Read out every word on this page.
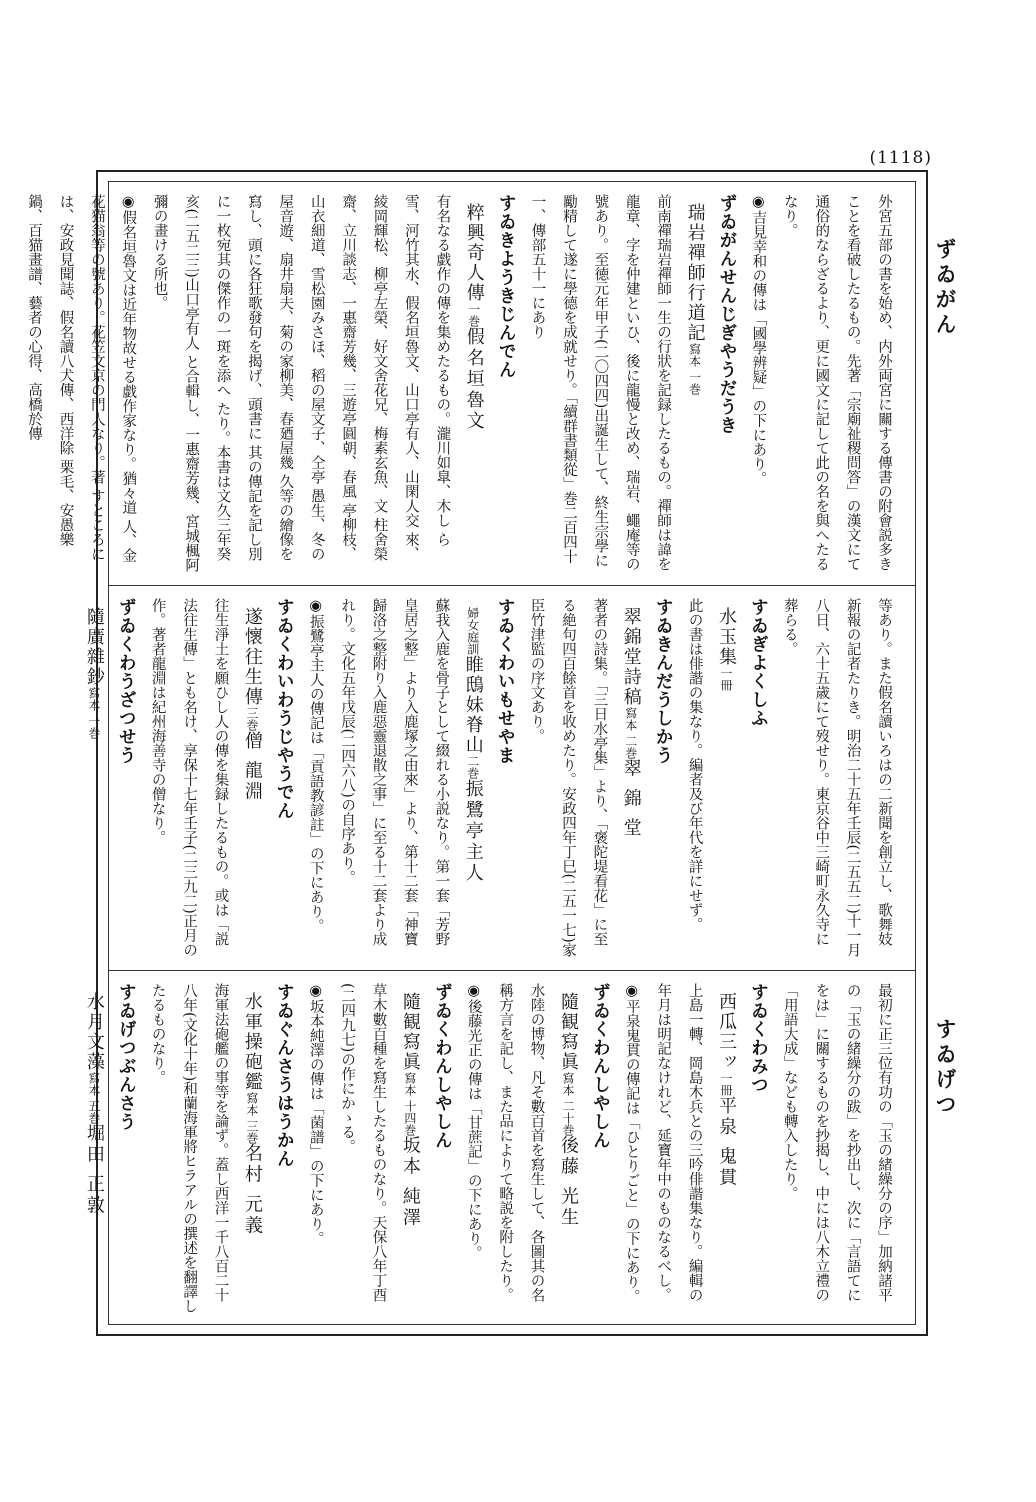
(1118)
ずゐがん
すゐげつ
外宮五部の書を始め、内外両宮に關する傳書の附會説多きことを看破したるもの。先著「宗廟祉稷問答」の漢文にて通俗的ならざるより、更に國文に記して此の名を與へたるなり。
◉吉見幸和の傳は「國學辨疑」の下にあり。
ずゐがんせんじぎやうだうき
瑞岩禪師行道記寫本 一巻
前南禪瑞岩禪師一生の行狀を記録したるもの。禪師は諱を龍章、字を仲建といひ、後に龍慢と改め、瑞岩、蠅庵等の號あり。至徳元年甲子(二〇四四)出誕生して、終生宗學に勵精して遂に學德を成就せり。「續群書類從」巻二百四十一、傳部五十一にあり
すゐきようきじんでん
粹興奇人傳一巻假名垣魯文
有名なる戯作の傳を集めたるもの。瀧川如皐、木し ら雪、河竹其水、假名垣魯文、山口亭有人、山閑人交 來、綾岡輝松、柳亭左榮、好文舍花兄、梅素玄魚、文 柱舍榮齋、立川談志、一惠齋芳幾、三遊亭圓朝、春風 亭柳枝、山衣細道、雪松園みさほ、稻の屋文子、仝亭 愚生、冬の屋音遊、扇井扇夫、菊の家柳美、春廼屋幾 久等の繪像を寫し、頭に各狂歌發句を揭げ、頭書に 其の傳記を記し別に一枚宛其の傑作の一斑を添へ たり。本書は文久三年癸亥(二五二三)山口亭有人 と合輯し、一惠齋芳幾、宮城楓阿彌の畫ける所也。
◉假名垣魯文は近年物故せる戯作家なり。猶々道 人、金花猫翁等の號あり。花笠文京の門人なり。著 すところには、安政見聞誌、假名讀八犬傳、西洋除 栗毛、安愚樂鍋、百猫畫譜、藝者の心得、高橋於傳
等あり。また假名讀いろはの二新聞を創立し、歌舞妓新報の記者たりき。明治二十五年壬辰(二五五二)十一月八日、六十五歳にて歿せり。東京谷中三崎町永久寺に葬らる。
すゐぎよくしふ
水玉集一冊
此の書は俳諧の集なり。編者及び年代を詳にせず。
すゐきんだうしかう
翠錦堂詩稿寫本 二巻翠 錦 堂
著者の詩集。「三日水亭集」より、「褒陀堤看花」に至る絶句四百餘首を收めたり。安政四年丁巳(二五一七)家臣竹津監の序文あり。
すゐくわいもせやま
婦女庭訓睢䲭妹脊山二巻振鷺亭主人
蘇我入鹿を骨子として綴れる小説なり。第一套「芳野皇居之整」より入鹿塚之由來」より、第十二套「神寶歸洛之整附り入鹿惡靈退散之事」に至る十二套より成れり。文化五年戊辰(二四六八)の自序あり。
◉振鷺亭主人の傳記は「貢語教諺註」の下にあり。
すゐくわいわうじやうでん
遂懷往生傳三巻僧 龍淵
往生淨土を願ひし人の傳を集録したるもの。或は「説法往生傳」とも名け、享保十七年壬子(二三九二)正月の作。著者龍淵は紀州海善寺の僧なり。
ずゐくわうざつせう
隨廣雜鈔寫本 一巻
最初に正三位有功の「玉の緒繰分の序」加納諸平の「玉の緒繰分の跋」を抄出し、次に「言語てにをは」に關するものを抄揭し、中には八木立禮の「用語大成」なども轉入したり。
すゐくわみつ
西瓜三ッ一冊平泉 鬼貫
上島一轉、岡島木兵との三吟俳諧集なり。編輯の年月は明記なけれど、延寶年中のものなるべし。
◉平泉鬼貫の傳記は「ひとりごと」の下にあり。
ずゐくわんしやしん
隨観寫眞寫本 二十巻後藤 光生
水陸の博物、凡そ數百首を寫生して、各圖其の名稱方言を記し、また品によりて略説を附したり。
◉後藤光正の傳は「甘蔗記」の下にあり。
ずゐくわんしやしん
隨観寫眞寫本 十四巻坂本 純澤
草木數百種を寫生したるものなり。天保八年丁酉(二四九七)の作にかゝる。
◉坂本純澤の傳は「菌譜」の下にあり。
すゐぐんさうはうかん
水軍操砲鑑寫本 三巻名村 元義
海軍法砲艦の事等を論ず。蓋し西洋一千八百二十八年(文化十年)和蘭海軍將ヒラアルの撰述を翻譯したるものなり。
すゐげつぶんさう
水月文藻寫本 五巻堀田 正敦
